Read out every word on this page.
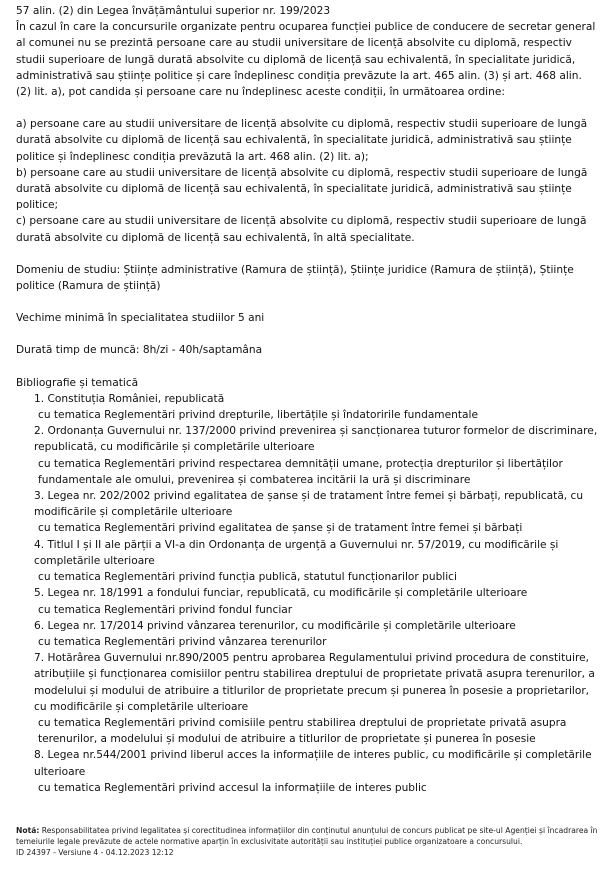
57 alin. (2) din Legea învățământului superior nr. 199/2023

În cazul în care la concursurile organizate pentru ocuparea funcției publice de conducere de secretar general al comunei nu se prezintă persoane care au studii universitare de licență absolvite cu diplomă, respectiv studii superioare de lungă durată absolvite cu diplomă de licență sau echivalentă, în specialitate juridică, administrativă sau științe politice și care îndeplinesc condiția prevăzute la art. 465 alin. (3) și art. 468 alin. (2) lit. a), pot candida și persoane care nu îndeplinesc aceste condiții, în următoarea ordine:

a) persoane care au studii universitare de licență absolvite cu diplomă, respectiv studii superioare de lungă durată absolvite cu diplomă de licență sau echivalentă, în specialitate juridică, administrativă sau științe politice și îndeplinesc condiția prevăzută la art. 468 alin. (2) lit. a);

b) persoane care au studii universitare de licență absolvite cu diplomă, respectiv studii superioare de lungă durată absolvite cu diplomă de licență sau echivalentă, în specialitate juridică, administrativă sau științe politice;

c) persoane care au studii universitare de licență absolvite cu diplomă, respectiv studii superioare de lungă durată absolvite cu diplomă de licență sau echivalentă, în altă specialitate.

Domeniu de studiu: Științe administrative (Ramura de știință), Științe juridice (Ramura de știință), Științe politice (Ramura de știință)

Vechime minimă în specialitatea studiilor 5 ani

Durată timp de muncă: 8h/zi - 40h/saptamâna

Bibliografie și tematică

1. Constituția României, republicată

cu tematica Reglementări privind drepturile, libertățile și îndatoririle fundamentale

2. Ordonanța Guvernului nr. 137/2000 privind prevenirea și sancționarea tuturor formelor de discriminare, republicată, cu modificările și completările ulterioare

cu tematica Reglementări privind respectarea demnității umane, protecția drepturilor și libertăților fundamentale ale omului, prevenirea și combaterea incitării la ură și discriminare

3. Legea nr. 202/2002 privind egalitatea de șanse și de tratament între femei și bărbați, republicată, cu modificările și completările ulterioare

cu tematica Reglementări privind egalitatea de șanse și de tratament între femei și bărbați

4. Titlul I și II ale părții a VI-a din Ordonanța de urgență a Guvernului nr. 57/2019, cu modificările și completările ulterioare

cu tematica Reglementări privind funcția publică, statutul funcționarilor publici

5. Legea nr. 18/1991 a fondului funciar, republicată, cu modificările și completările ulterioare

cu tematica Reglementări privind fondul funciar

6. Legea nr. 17/2014 privind vânzarea terenurilor, cu modificările și completările ulterioare

cu tematica Reglementări privind vânzarea terenurilor

7. Hotărârea Guvernului nr.890/2005 pentru aprobarea Regulamentului privind procedura de constituire, atribuțiile și funcționarea comisiilor pentru stabilirea dreptului de proprietate privată asupra terenurilor, a modelului și modului de atribuire a titlurilor de proprietate precum și punerea în posesie a proprietarilor, cu modificările și completările ulterioare

cu tematica Reglementări privind comisiile pentru stabilirea dreptului de proprietate privată asupra terenurilor, a modelului și modului de atribuire a titlurilor de proprietate și punerea în posesie

8. Legea nr.544/2001 privind liberul acces la informațiile de interes public, cu modificările și completările ulterioare

cu tematica Reglementări privind accesul la informațiile de interes public

Notă: Responsabilitatea privind legalitatea și corectitudinea informațiilor din conținutul anunțului de concurs publicat pe site-ul Agenției și încadrarea în temeiurile legale prevăzute de actele normative aparțin în exclusivitate autorității sau instituției publice organizatoare a concursului.

ID 24397 - Versiune 4 - 04.12.2023 12:12
